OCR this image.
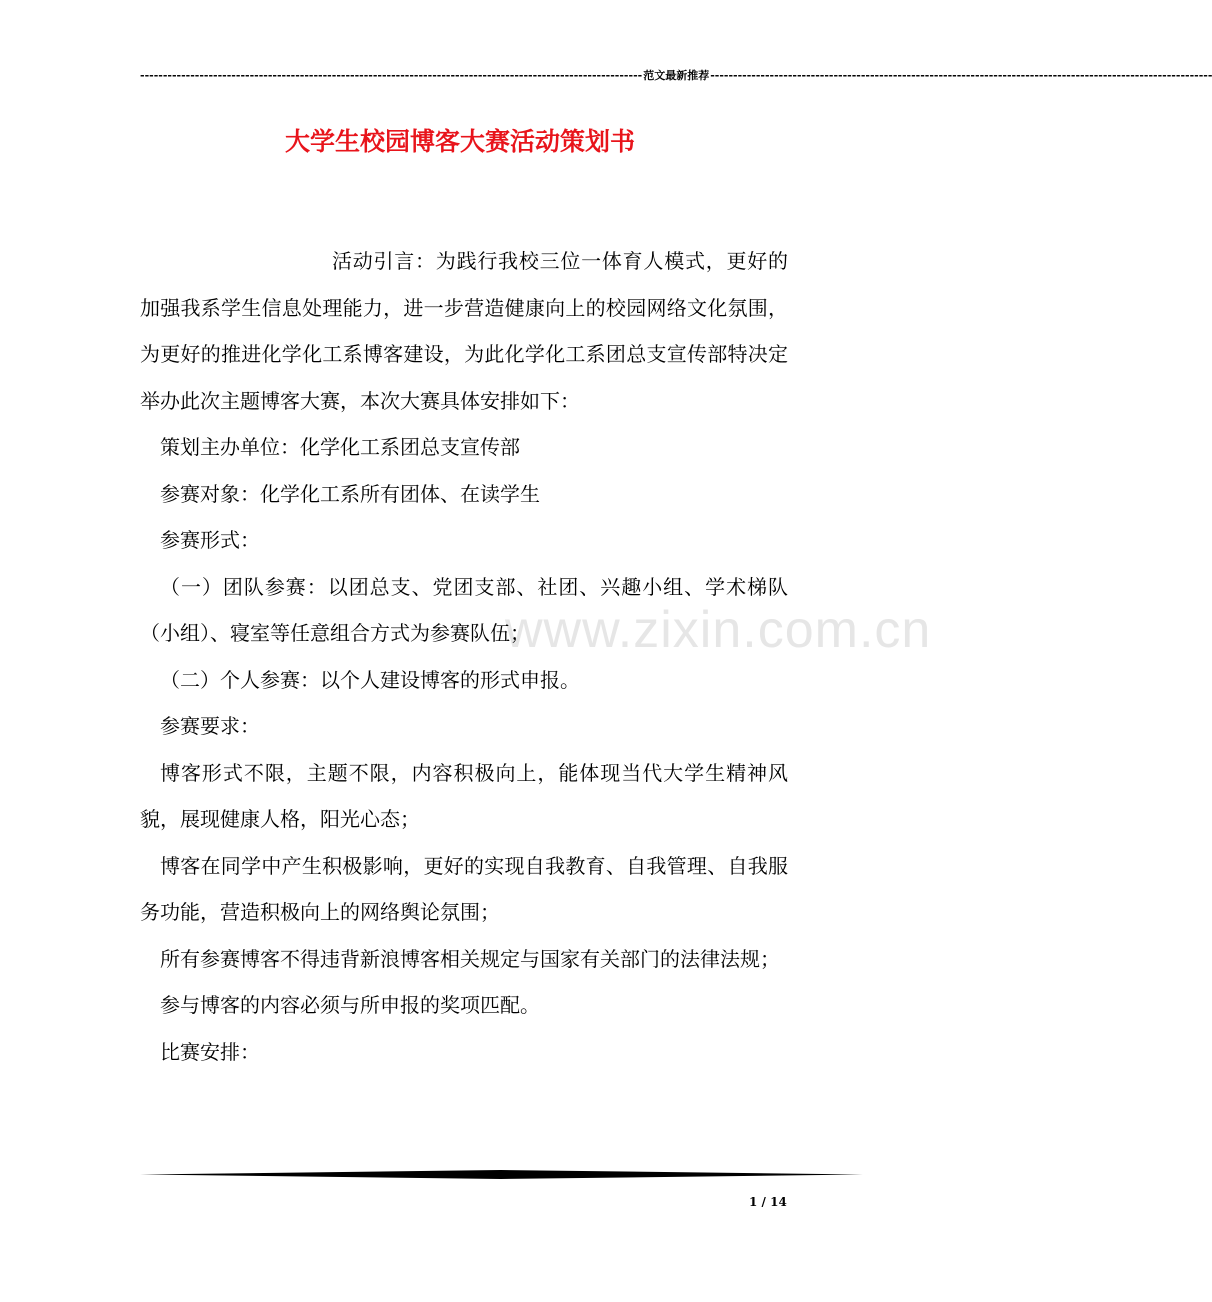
-------------------------------------------------------------------------------------------------------------- 范文最新推荐 --------------------------------------------------------------------------------------------------------------
大学生校园博客大赛活动策划书
www.zixin.com.cn

活动引言：为践行我校三位一体育人模式，更好的加强我系学生信息处理能力，进一步营造健康向上的校园网络文化氛围，为更好的推进化学化工系博客建设，为此化学化工系团总支宣传部特决定举办此次主题博客大赛，本次大赛具体安排如下：

策划主办单位：化学化工系团总支宣传部

参赛对象：化学化工系所有团体、在读学生

参赛形式：

（一）团队参赛：以团总支、党团支部、社团、兴趣小组、学术梯队（小组）、寝室等任意组合方式为参赛队伍；

（二）个人参赛：以个人建设博客的形式申报。

参赛要求：

博客形式不限，主题不限，内容积极向上，能体现当代大学生精神风貌，展现健康人格，阳光心态；

博客在同学中产生积极影响，更好的实现自我教育、自我管理、自我服务功能，营造积极向上的网络舆论氛围；

所有参赛博客不得违背新浪博客相关规定与国家有关部门的法律法规；

参与博客的内容必须与所申报的奖项匹配。

比赛安排：

1 / 14
